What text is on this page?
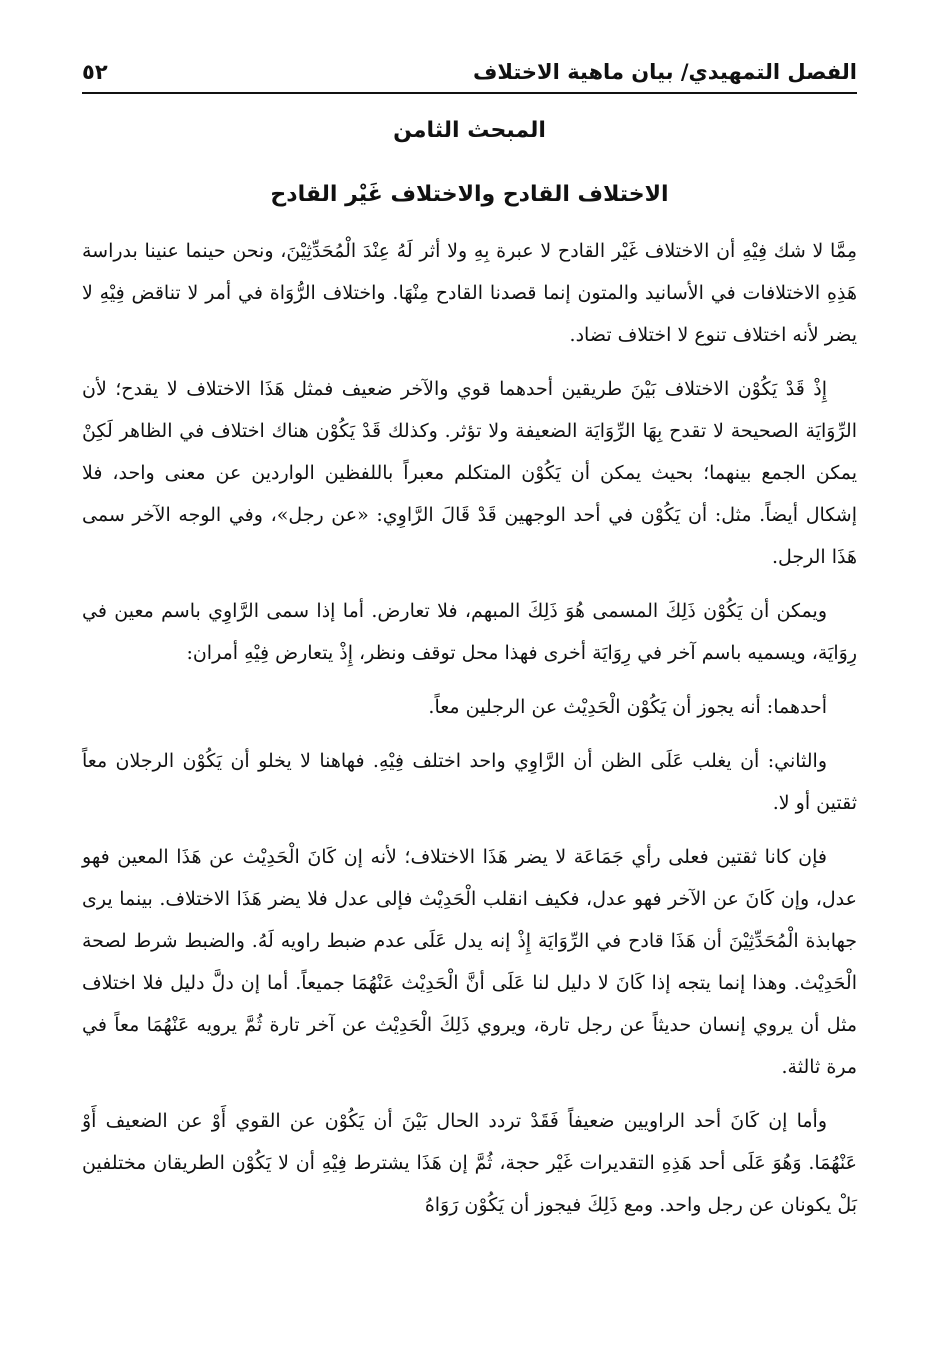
الفصل التمهيدي/ بيان ماهية الاختلاف
٥٢
المبحث الثامن
الاختلاف القادح والاختلاف غَيْر القادح

مِمَّا لا شك فِيْهِ أن الاختلاف غَيْر القادح لا عبرة بِهِ ولا أثر لَهُ عِنْدَ الْمُحَدِّثِيْنَ، ونحن حينما عنينا بدراسة هَذِهِ الاختلافات في الأسانيد والمتون إنما قصدنا القادح مِنْهَا. واختلاف الرُّوَاة في أمر لا تناقض فِيْهِ لا يضر لأنه اختلاف تنوع لا اختلاف تضاد.

إِذْ قَدْ يَكُوْن الاختلاف بَيْنَ طريقين أحدهما قوي والآخر ضعيف فمثل هَذَا الاختلاف لا يقدح؛ لأن الرِّوَايَة الصحيحة لا تقدح بِهَا الرِّوَايَة الضعيفة ولا تؤثر. وكذلك قَدْ يَكُوْن هناك اختلاف في الظاهر لَكِنْ يمكن الجمع بينهما؛ بحيث يمكن أن يَكُوْن المتكلم معبراً باللفظين الواردين عن معنى واحد، فلا إشكال أيضاً. مثل: أن يَكُوْن في أحد الوجهين قَدْ قَالَ الرَّاوِي: «عن رجل»، وفي الوجه الآخر سمى هَذَا الرجل.

ويمكن أن يَكُوْن ذَلِكَ المسمى هُوَ ذَلِكَ المبهم، فلا تعارض. أما إذا سمى الرَّاوِي باسم معين في رِوَايَة، ويسميه باسم آخر في رِوَايَة أخرى فهذا محل توقف ونظر، إِذْ يتعارض فِيْهِ أمران:

أحدهما: أنه يجوز أن يَكُوْن الْحَدِيْث عن الرجلين معاً.

والثاني: أن يغلب عَلَى الظن أن الرَّاوِي واحد اختلف فِيْهِ. فهاهنا لا يخلو أن يَكُوْن الرجلان معاً ثقتين أو لا.

فإن كانا ثقتين فعلى رأي جَمَاعَة لا يضر هَذَا الاختلاف؛ لأنه إن كَانَ الْحَدِيْث عن هَذَا المعين فهو عدل، وإن كَانَ عن الآخر فهو عدل، فكيف انقلب الْحَدِيْث فإلى عدل فلا يضر هَذَا الاختلاف. بينما يرى جهابذة الْمُحَدِّثِيْنَ أن هَذَا قادح في الرِّوَايَة إِذْ إنه يدل عَلَى عدم ضبط راويه لَهُ. والضبط شرط لصحة الْحَدِيْث. وهذا إنما يتجه إذا كَانَ لا دليل لنا عَلَى أنَّ الْحَدِيْث عَنْهُمَا جميعاً. أما إن دلَّ دليل فلا اختلاف مثل أن يروي إنسان حديثاً عن رجل تارة، ويروي ذَلِكَ الْحَدِيْث عن آخر تارة ثُمَّ يرويه عَنْهُمَا معاً في مرة ثالثة.

وأما إن كَانَ أحد الراويين ضعيفاً فَقَدْ تردد الحال بَيْنَ أن يَكُوْن عن القوي أَوْ عن الضعيف أَوْ عَنْهُمَا. وَهُوَ عَلَى أحد هَذِهِ التقديرات غَيْر حجة، ثُمَّ إن هَذَا يشترط فِيْهِ أن لا يَكُوْن الطريقان مختلفين بَلْ يكونان عن رجل واحد. ومع ذَلِكَ فيجوز أن يَكُوْن رَوَاهُ
